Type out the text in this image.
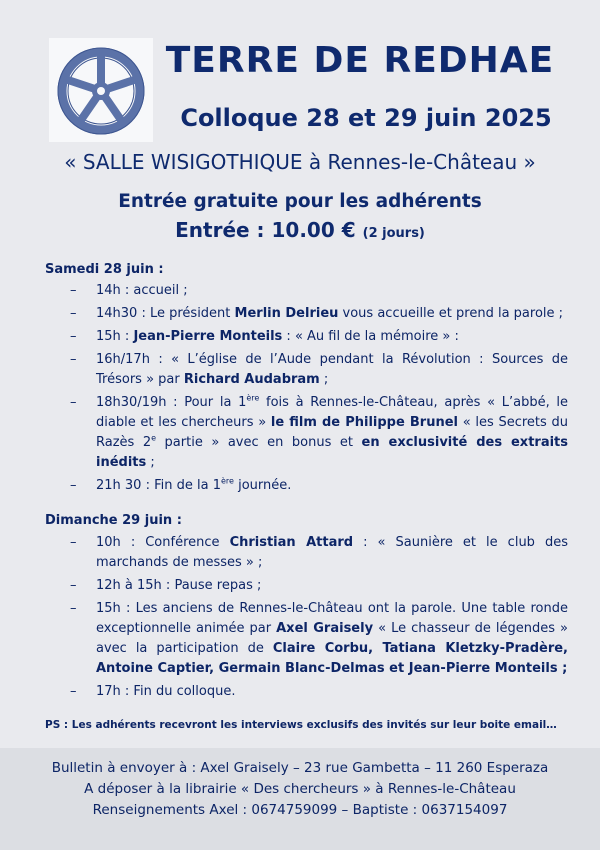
TERRE DE REDHAE
Colloque 28 et 29 juin 2025
« SALLE WISIGOTHIQUE à Rennes-le-Château »
Entrée gratuite pour les adhérents
Entrée : 10.00 € (2 jours)
Samedi 28 juin :
– 14h : accueil ;
– 14h30 : Le président Merlin Delrieu vous accueille et prend la parole ;
– 15h : Jean-Pierre Monteils : « Au fil de la mémoire » :
– 16h/17h : « L’église de l’Aude pendant la Révolution : Sources de Trésors » par Richard Audabram ;
– 18h30/19h : Pour la 1ère fois à Rennes-le-Château, après « L’abbé, le diable et les chercheurs » le film de Philippe Brunel « les Secrets du Razès 2e partie » avec en bonus et en exclusivité des extraits inédits ;
– 21h 30 : Fin de la 1ère journée.
Dimanche 29 juin :
– 10h : Conférence Christian Attard : « Saunière et le club des marchands de messes » ;
– 12h à 15h : Pause repas ;
– 15h : Les anciens de Rennes-le-Château ont la parole. Une table ronde exceptionnelle animée par Axel Graisely « Le chasseur de légendes » avec la participation de Claire Corbu, Tatiana Kletzky-Pradère, Antoine Captier, Germain Blanc-Delmas et Jean-Pierre Monteils ;
– 17h : Fin du colloque.
PS : Les adhérents recevront les interviews exclusifs des invités sur leur boite email…
Bulletin à envoyer à : Axel Graisely – 23 rue Gambetta – 11 260 Esperaza
A déposer à la librairie « Des chercheurs » à Rennes-le-Château
Renseignements Axel : 0674759099 – Baptiste : 0637154097
